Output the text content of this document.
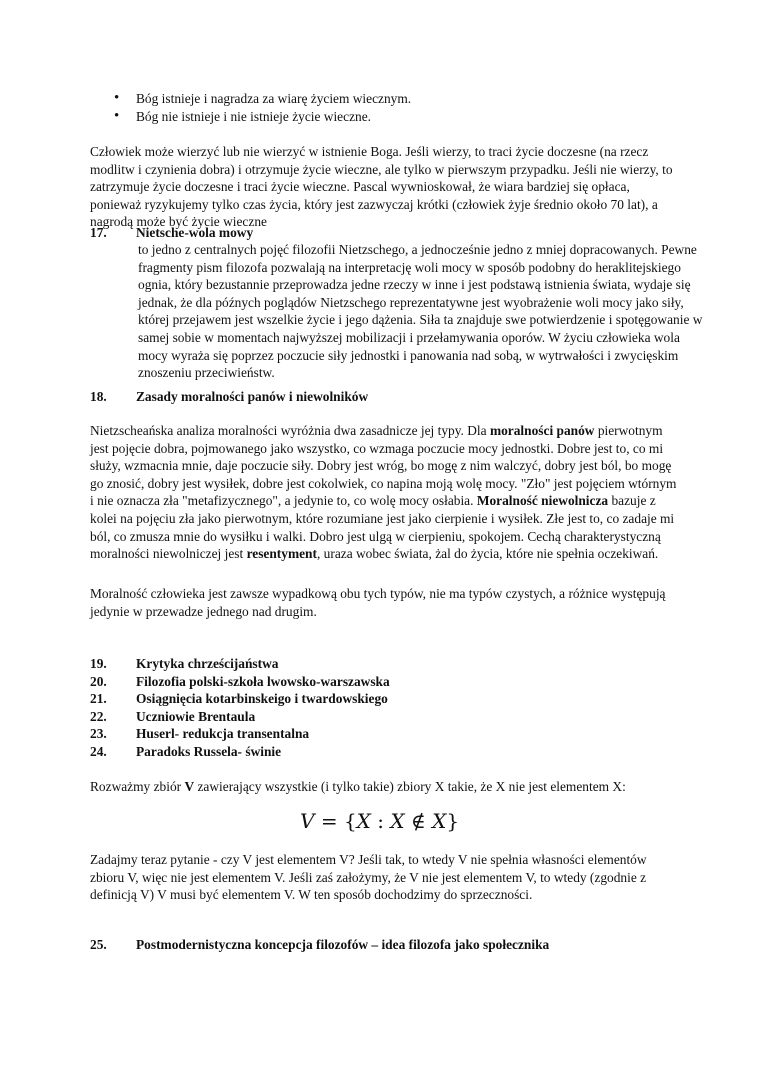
• Bóg istnieje i nagradza za wiarę życiem wiecznym.
• Bóg nie istnieje i nie istnieje życie wieczne.

Człowiek może wierzyć lub nie wierzyć w istnienie Boga. Jeśli wierzy, to traci życie doczesne (na rzecz modlitw i czynienia dobra) i otrzymuje życie wieczne, ale tylko w pierwszym przypadku. Jeśli nie wierzy, to zatrzymuje życie doczesne i traci życie wieczne. Pascal wywnioskował, że wiara bardziej się opłaca, ponieważ ryzykujemy tylko czas życia, który jest zazwyczaj krótki (człowiek żyje średnio około 70 lat), a nagrodą może być życie wieczne

17.	Nietsche-wola mowy

to jedno z centralnych pojęć filozofii Nietzschego, a jednocześnie jedno z mniej dopracowanych. Pewne fragmenty pism filozofa pozwalają na interpretację woli mocy w sposób podobny do heraklitejskiego ognia, który bezustannie przeprowadza jedne rzeczy w inne i jest podstawą istnienia świata, wydaje się jednak, że dla późnych poglądów Nietzschego reprezentatywne jest wyobrażenie woli mocy jako siły, której przejawem jest wszelkie życie i jego dążenia. Siła ta znajduje swe potwierdzenie i spotęgowanie w samej sobie w momentach najwyższej mobilizacji i przełamywania oporów. W życiu człowieka wola mocy wyraża się poprzez poczucie siły jednostki i panowania nad sobą, w wytrwałości i zwycięskim znoszeniu przeciwieństw.

18.	Zasady moralności panów i niewolników

Nietzscheańska analiza moralności wyróżnia dwa zasadnicze jej typy. Dla moralności panów pierwotnym jest pojęcie dobra, pojmowanego jako wszystko, co wzmaga poczucie mocy jednostki. Dobre jest to, co mi służy, wzmacnia mnie, daje poczucie siły. Dobry jest wróg, bo mogę z nim walczyć, dobry jest ból, bo mogę go znosić, dobry jest wysiłek, dobre jest cokolwiek, co napina moją wolę mocy. "Zło" jest pojęciem wtórnym i nie oznacza zła "metafizycznego", a jedynie to, co wolę mocy osłabia. Moralność niewolnicza bazuje z kolei na pojęciu zła jako pierwotnym, które rozumiane jest jako cierpienie i wysiłek. Złe jest to, co zadaje mi ból, co zmusza mnie do wysiłku i walki. Dobro jest ulgą w cierpieniu, spokojem. Cechą charakterystyczną moralności niewolniczej jest resentyment, uraza wobec świata, żal do życia, które nie spełnia oczekiwań.

Moralność człowieka jest zawsze wypadkową obu tych typów, nie ma typów czystych, a różnice występują jedynie w przewadze jednego nad drugim.

19.	Krytyka chrześcijaństwa
20.	Filozofia polski-szkoła lwowsko-warszawska
21.	Osiągnięcia kotarbinskeigo i twardowskiego
22.	Uczniowie Brentaula
23.	Huserl- redukcja transentalna
24.	Paradoks Russela- świnie

Rozważmy zbiór V zawierający wszystkie (i tylko takie) zbiory X takie, że X nie jest elementem X:

V = {X : X ∉ X}

Zadajmy teraz pytanie - czy V jest elementem V? Jeśli tak, to wtedy V nie spełnia własności elementów zbioru V, więc nie jest elementem V. Jeśli zaś założymy, że V nie jest elementem V, to wtedy (zgodnie z definicją V) V musi być elementem V. W ten sposób dochodzimy do sprzeczności.

25.	Postmodernistyczna koncepcja filozofów – idea filozofa jako społecznika
